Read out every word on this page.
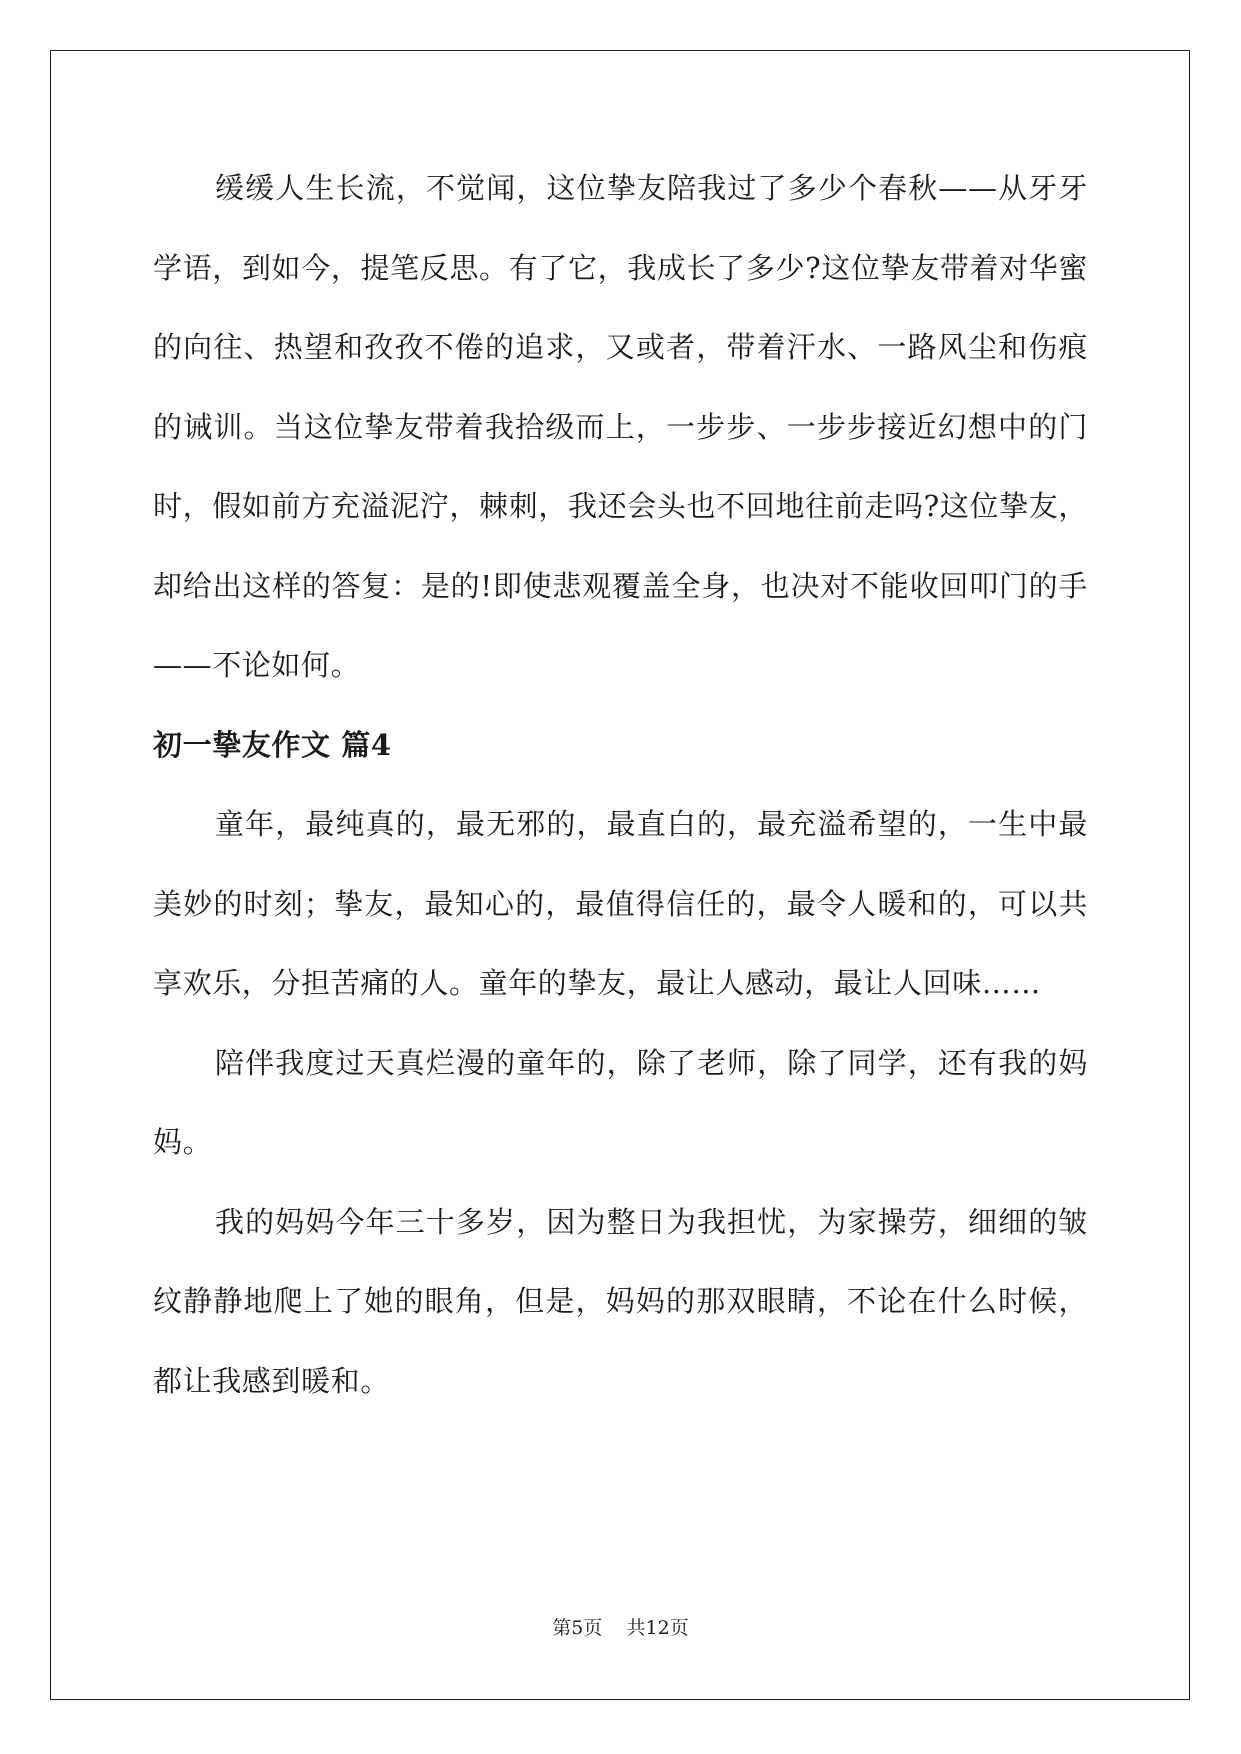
缓缓人生长流，不觉闻，这位挚友陪我过了多少个春秋——从牙牙学语，到如今，提笔反思。有了它，我成长了多少?这位挚友带着对华蜜的向往、热望和孜孜不倦的追求，又或者，带着汗水、一路风尘和伤痕的诫训。当这位挚友带着我拾级而上，一步步、一步步接近幻想中的门时，假如前方充溢泥泞，棘刺，我还会头也不回地往前走吗?这位挚友，却给出这样的答复：是的!即使悲观覆盖全身，也决对不能收回叩门的手——不论如何。

初一挚友作文 篇4

童年，最纯真的，最无邪的，最直白的，最充溢希望的，一生中最美妙的时刻；挚友，最知心的，最值得信任的，最令人暖和的，可以共享欢乐，分担苦痛的人。童年的挚友，最让人感动，最让人回味……

陪伴我度过天真烂漫的童年的，除了老师，除了同学，还有我的妈妈。

我的妈妈今年三十多岁，因为整日为我担忧，为家操劳，细细的皱纹静静地爬上了她的眼角，但是，妈妈的那双眼睛，不论在什么时候，都让我感到暖和。

第5页    共12页
